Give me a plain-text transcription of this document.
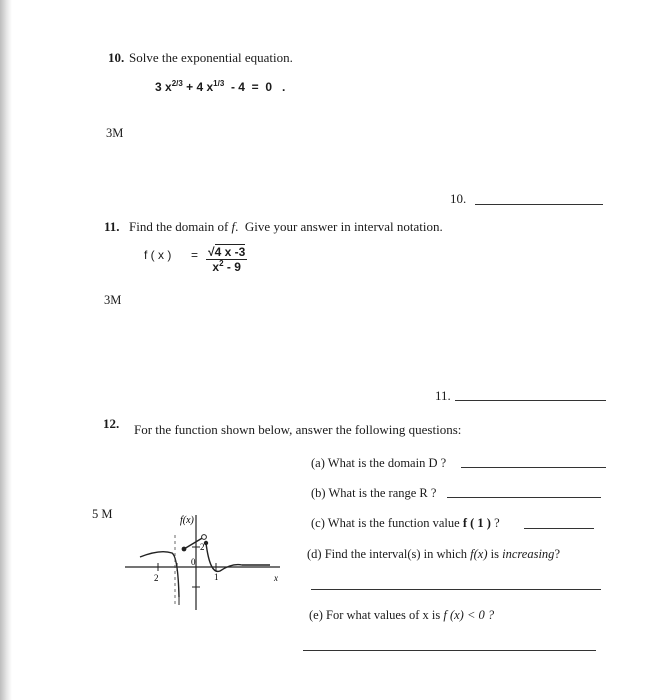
10. Solve the exponential equation.
3 $x^{2/3} + 4$ $x^{1/3} - 4 = 0$   .
3M
10.
11. Find the domain of f.  Give your answer in interval notation.
f ( x ) = $\frac{√4 x -3}{x^2 - 9}$
3M
11.
12. For the function shown below, answer the following questions:
(a) What is the domain D ?
(b) What is the range R ?
5 M
(c) What is the function value f ( 1 ) ?
(d) Find the interval(s) in which f(x) is increasing?
(e) For what values of x is f (x) < 0 ?
f(x)
x
2
0
1
2
